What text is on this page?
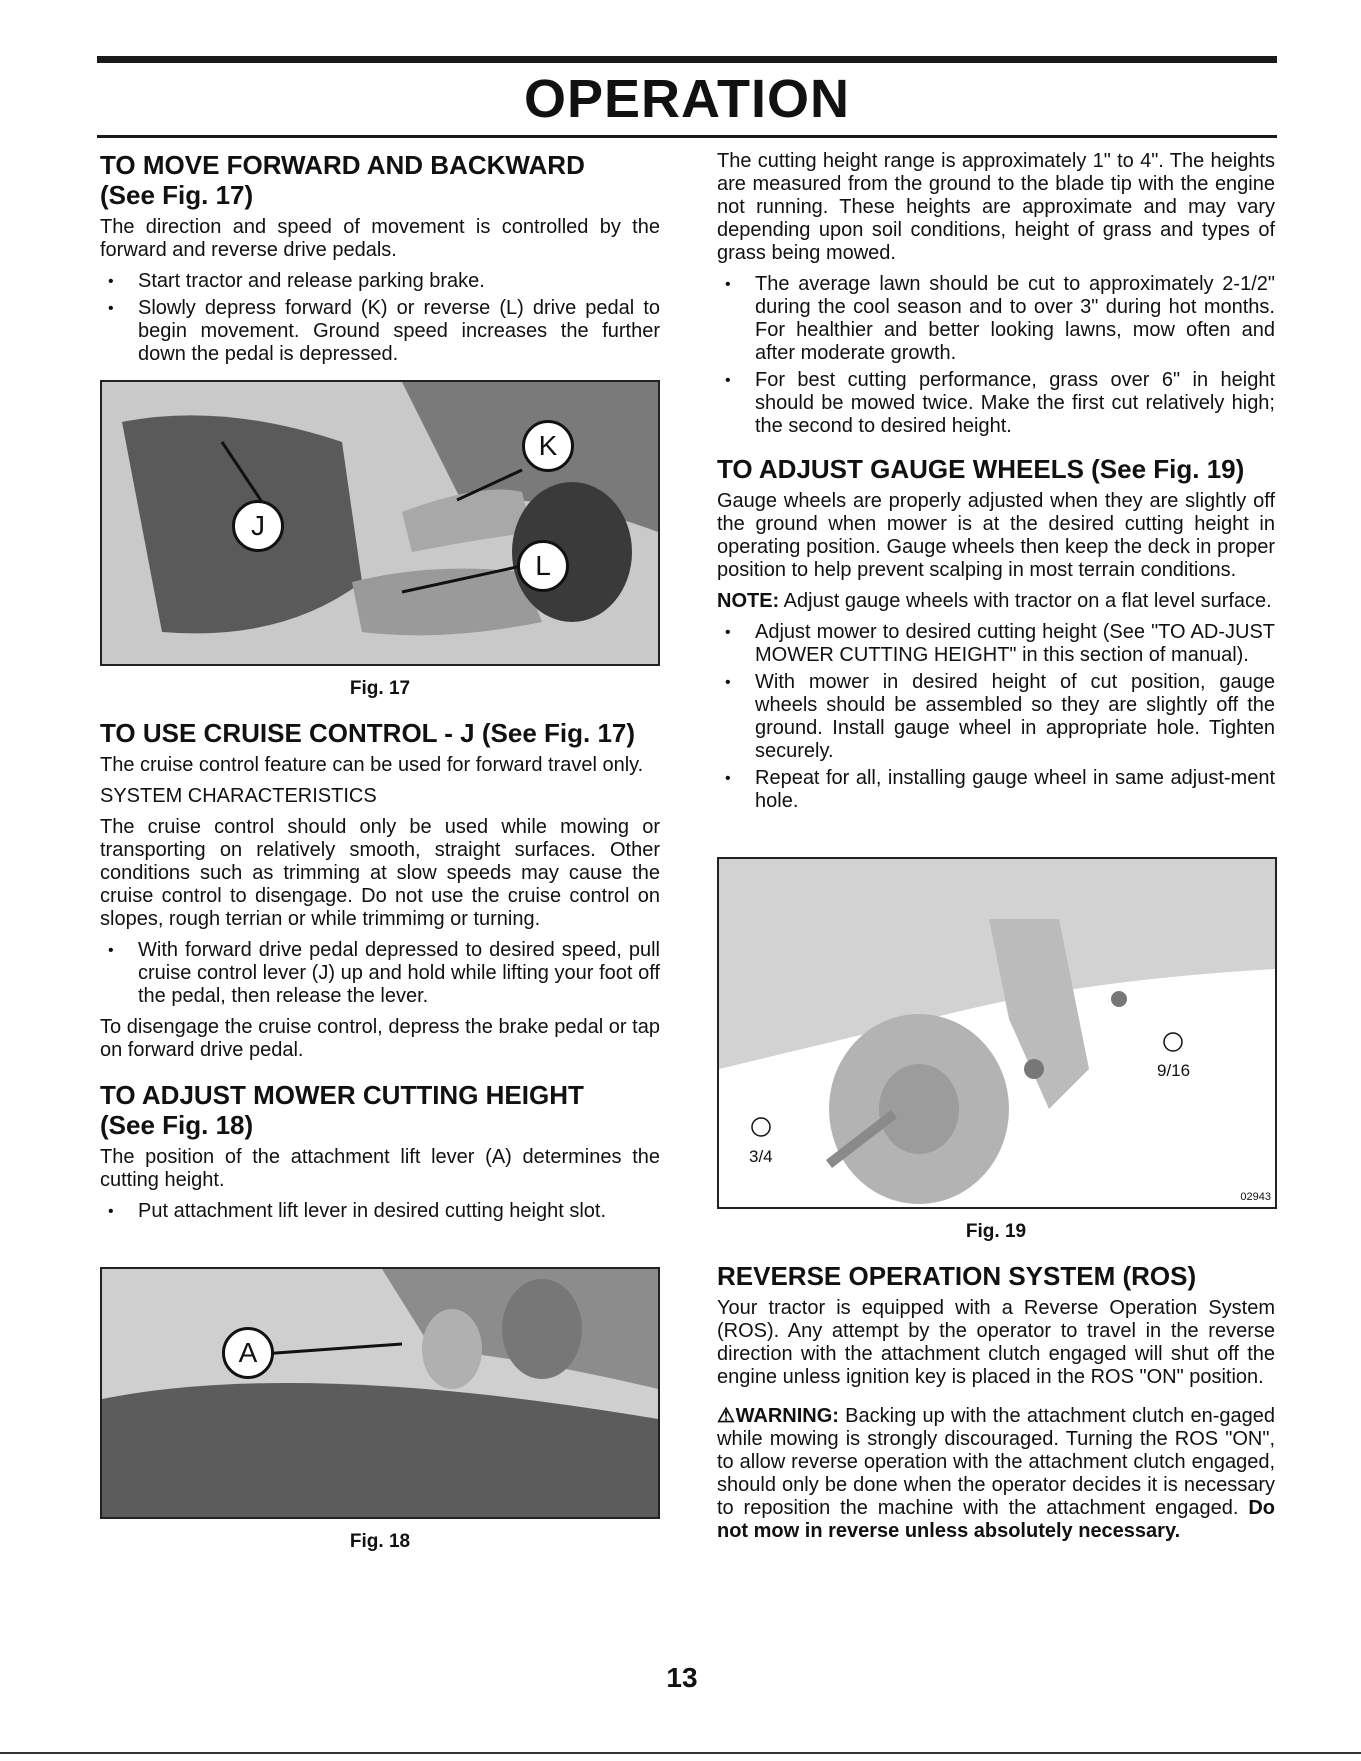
OPERATION
TO MOVE FORWARD AND BACKWARD
(See Fig. 17)

The direction and speed of movement is controlled by the forward and reverse drive pedals.

• Start tractor and release parking brake.
• Slowly depress forward (K) or reverse (L) drive pedal to begin movement. Ground speed increases the further down the pedal is depressed.
K
J
L
Fig. 17
TO USE CRUISE CONTROL - J (See Fig. 17)

The cruise control feature can be used for forward travel only.

SYSTEM CHARACTERISTICS

The cruise control should only be used while mowing or transporting on relatively smooth, straight surfaces. Other conditions such as trimming at slow speeds may cause the cruise control to disengage. Do not use the cruise control on slopes, rough terrian or while trimmimg or turning.

• With forward drive pedal depressed to desired speed, pull cruise control lever (J) up and hold while lifting your foot off the pedal, then release the lever.

To disengage the cruise control, depress the brake pedal or tap on forward drive pedal.

TO ADJUST MOWER CUTTING HEIGHT
(See Fig. 18)

The position of the attachment lift lever (A) determines the cutting height.

• Put attachment lift lever in desired cutting height slot.
A
Fig. 18

The cutting height range is approximately 1" to 4". The heights are measured from the ground to the blade tip with the engine not running. These heights are approximate and may vary depending upon soil conditions, height of grass and types of grass being mowed.

• The average lawn should be cut to approximately 2-1/2" during the cool season and to over 3" during hot months. For healthier and better looking lawns, mow often and after moderate growth.
• For best cutting performance, grass over 6" in height should be mowed twice. Make the first cut relatively high; the second to desired height.
TO ADJUST GAUGE WHEELS (See Fig. 19)

Gauge wheels are properly adjusted when they are slightly off the ground when mower is at the desired cutting height in operating position. Gauge wheels then keep the deck in proper position to help prevent scalping in most terrain conditions.

NOTE: Adjust gauge wheels with tractor on a flat level surface.

• Adjust mower to desired cutting height (See "TO AD-JUST MOWER CUTTING HEIGHT" in this section of manual).
• With mower in desired height of cut position, gauge wheels should be assembled so they are slightly off the ground. Install gauge wheel in appropriate hole. Tighten securely.
• Repeat for all, installing gauge wheel in same adjust-ment hole.
9/16
3/4
02943
Fig. 19
REVERSE OPERATION SYSTEM (ROS)

Your tractor is equipped with a Reverse Operation System (ROS). Any attempt by the operator to travel in the reverse direction with the attachment clutch engaged will shut off the engine unless ignition key is placed in the ROS "ON" position.

⚠WARNING: Backing up with the attachment clutch en-gaged while mowing is strongly discouraged. Turning the ROS "ON", to allow reverse operation with the attachment clutch engaged, should only be done when the operator decides it is necessary to reposition the machine with the attachment engaged. Do not mow in reverse unless absolutely necessary.

13
